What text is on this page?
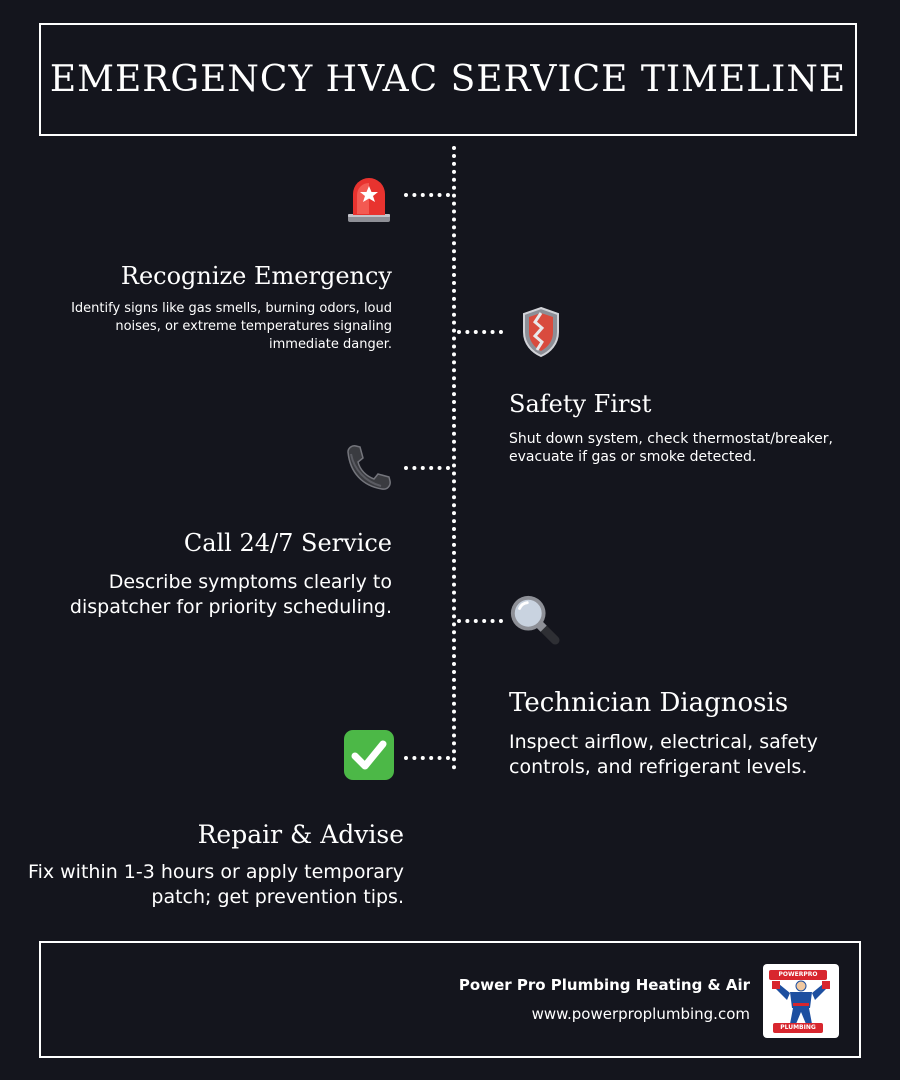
EMERGENCY HVAC SERVICE TIMELINE
Recognize Emergency

Identify signs like gas smells, burning odors, loud noises, or extreme temperatures signaling immediate danger.

Safety First

Shut down system, check thermostat/breaker, evacuate if gas or smoke detected.

Call 24/7 Service

Describe symptoms clearly to dispatcher for priority scheduling.

Technician Diagnosis

Inspect airflow, electrical, safety controls, and refrigerant levels.

Repair & Advise

Fix within 1-3 hours or apply temporary patch; get prevention tips.

Power Pro Plumbing Heating & Air
www.powerproplumbing.com
POWERPRO
PLUMBING
